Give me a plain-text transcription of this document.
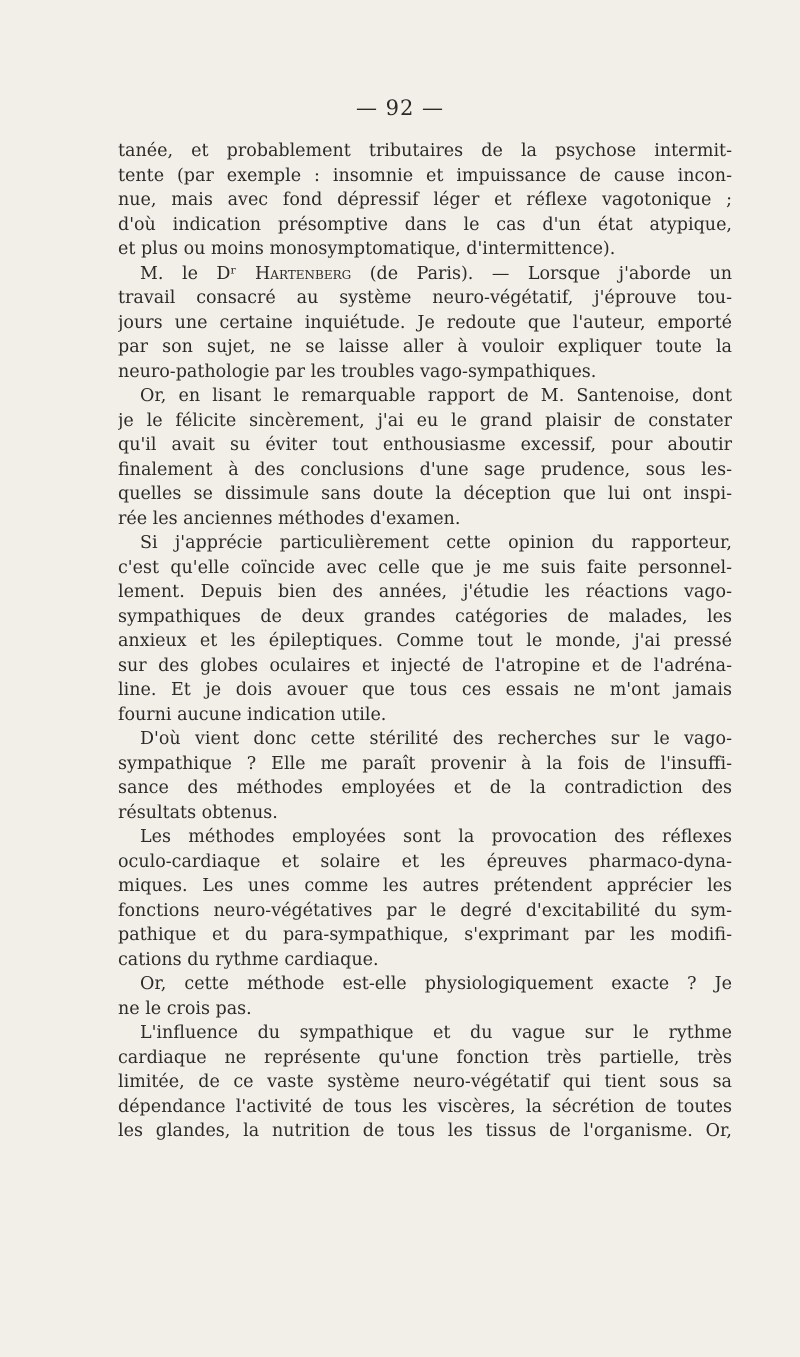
— 92 —
tanée, et probablement tributaires de la psychose intermit-
tente (par exemple : insomnie et impuissance de cause incon-
nue, mais avec fond dépressif léger et réflexe vagotonique ;
d'où indication présomptive dans le cas d'un état atypique,
et plus ou moins monosymptomatique, d'intermittence).
M. le Dʳ Hartenberg (de Paris). — Lorsque j'aborde un
travail consacré au système neuro-végétatif, j'éprouve tou-
jours une certaine inquiétude. Je redoute que l'auteur, emporté
par son sujet, ne se laisse aller à vouloir expliquer toute la
neuro-pathologie par les troubles vago-sympathiques.
Or, en lisant le remarquable rapport de M. Santenoise, dont
je le félicite sincèrement, j'ai eu le grand plaisir de constater
qu'il avait su éviter tout enthousiasme excessif, pour aboutir
finalement à des conclusions d'une sage prudence, sous les-
quelles se dissimule sans doute la déception que lui ont inspi-
rée les anciennes méthodes d'examen.
Si j'apprécie particulièrement cette opinion du rapporteur,
c'est qu'elle coïncide avec celle que je me suis faite personnel-
lement. Depuis bien des années, j'étudie les réactions vago-
sympathiques de deux grandes catégories de malades, les
anxieux et les épileptiques. Comme tout le monde, j'ai pressé
sur des globes oculaires et injecté de l'atropine et de l'adréna-
line. Et je dois avouer que tous ces essais ne m'ont jamais
fourni aucune indication utile.
D'où vient donc cette stérilité des recherches sur le vago-
sympathique ? Elle me paraît provenir à la fois de l'insuffi-
sance des méthodes employées et de la contradiction des
résultats obtenus.
Les méthodes employées sont la provocation des réflexes
oculo-cardiaque et solaire et les épreuves pharmaco-dyna-
miques. Les unes comme les autres prétendent apprécier les
fonctions neuro-végétatives par le degré d'excitabilité du sym-
pathique et du para-sympathique, s'exprimant par les modifi-
cations du rythme cardiaque.
Or, cette méthode est-elle physiologiquement exacte ? Je
ne le crois pas.
L'influence du sympathique et du vague sur le rythme
cardiaque ne représente qu'une fonction très partielle, très
limitée, de ce vaste système neuro-végétatif qui tient sous sa
dépendance l'activité de tous les viscères, la sécrétion de toutes
les glandes, la nutrition de tous les tissus de l'organisme. Or,
